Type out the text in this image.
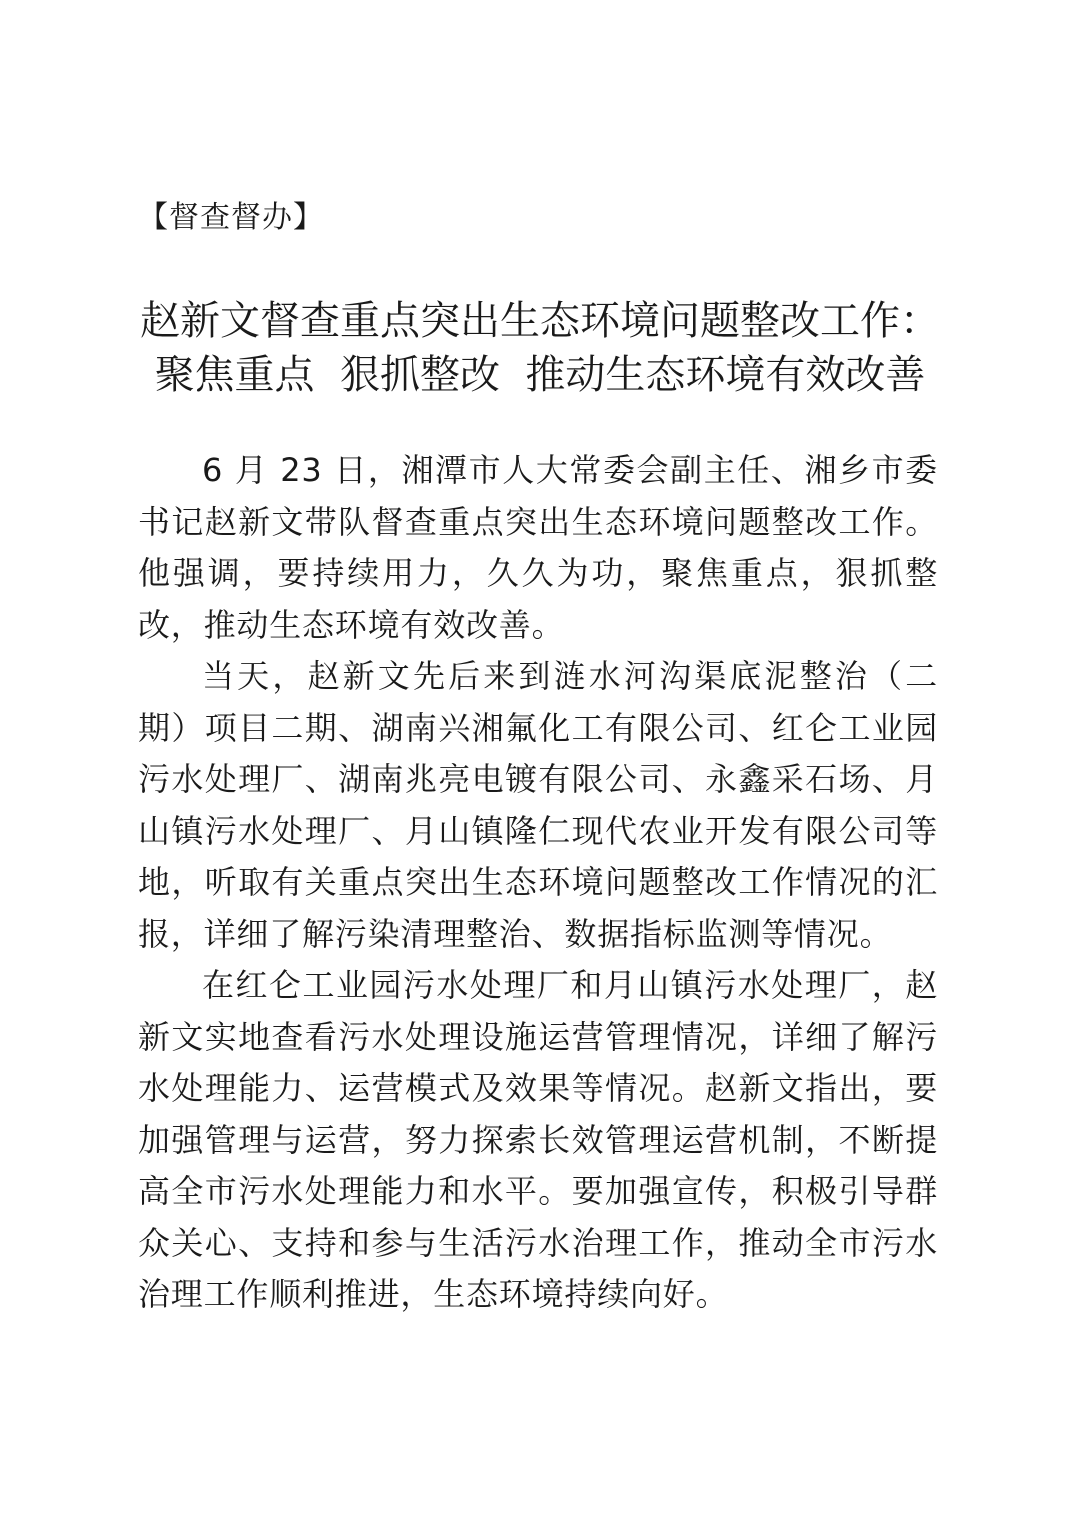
【督查督办】
赵新文督查重点突出生态环境问题整改工作：
聚焦重点  狠抓整改  推动生态环境有效改善

6 月 23 日，湘潭市人大常委会副主任、湘乡市委书记赵新文带队督查重点突出生态环境问题整改工作。他强调，要持续用力，久久为功，聚焦重点，狠抓整改，推动生态环境有效改善。

当天，赵新文先后来到涟水河沟渠底泥整治（二期）项目二期、湖南兴湘氟化工有限公司、红仑工业园污水处理厂、湖南兆亮电镀有限公司、永鑫采石场、月山镇污水处理厂、月山镇隆仁现代农业开发有限公司等地，听取有关重点突出生态环境问题整改工作情况的汇报，详细了解污染清理整治、数据指标监测等情况。

在红仑工业园污水处理厂和月山镇污水处理厂，赵新文实地查看污水处理设施运营管理情况，详细了解污水处理能力、运营模式及效果等情况。赵新文指出，要加强管理与运营，努力探索长效管理运营机制，不断提高全市污水处理能力和水平。要加强宣传，积极引导群众关心、支持和参与生活污水治理工作，推动全市污水治理工作顺利推进，生态环境持续向好。
